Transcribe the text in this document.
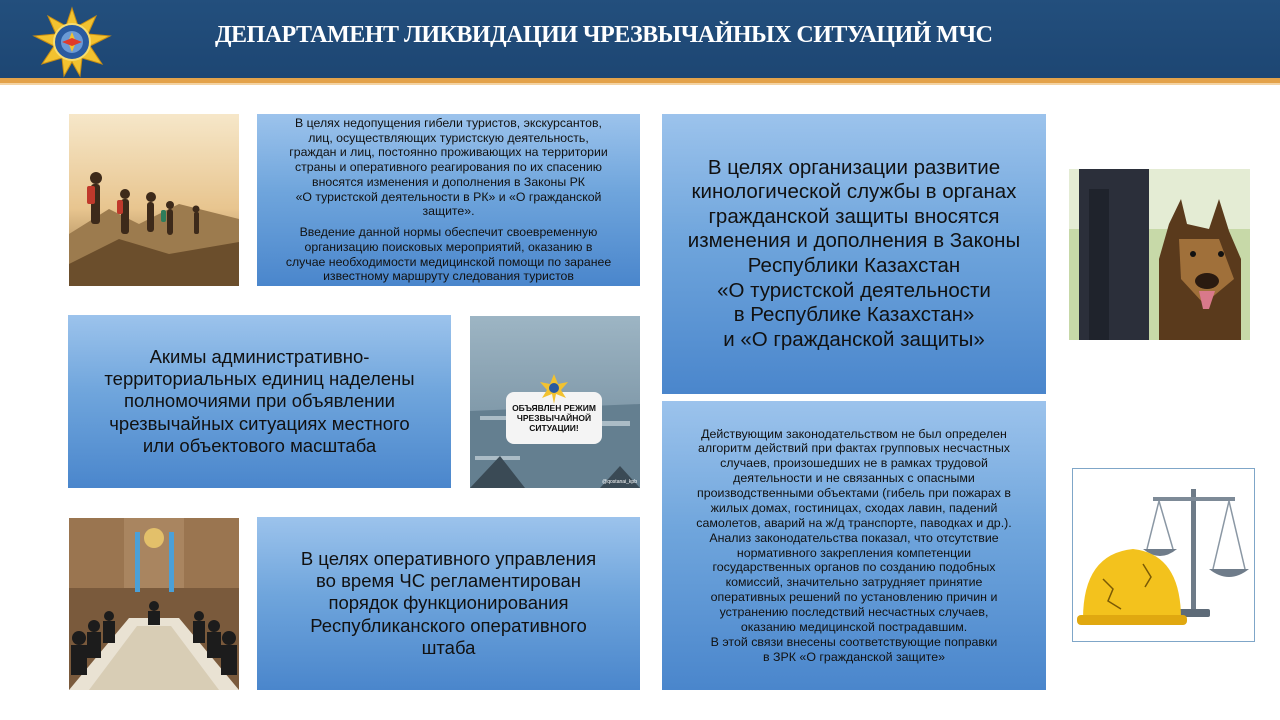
ДЕПАРТАМЕНТ ЛИКВИДАЦИИ ЧРЕЗВЫЧАЙНЫХ СИТУАЦИЙ МЧС

В целях недопущения гибели туристов, экскурсантов,

лиц, осуществляющих туристскую деятельность,

граждан и лиц, постоянно проживающих на территории

страны и оперативного реагирования по их спасению

вносятся изменения и дополнения в Законы РК

«О туристской деятельности в РК» и «О гражданской

защите».

Введение данной нормы обеспечит своевременную

организацию поисковых мероприятий, оказанию в

случае необходимости медицинской помощи по заранее

известному маршруту следования туристов

Акимы административно-

территориальных единиц наделены

полномочиями при объявлении

чрезвычайных ситуациях местного

или объектового масштаба

ОБЪЯВЛЕН РЕЖИМ
ЧРЕЗВЫЧАЙНОЙ
СИТУАЦИИ!
@qostanai_kpb

В целях оперативного управления

во время ЧС регламентирован

порядок функционирования

Республиканского оперативного

штаба

В целях организации развитие

кинологической службы в органах

гражданской защиты вносятся

изменения и дополнения в Законы

Республики Казахстан

«О туристской деятельности

в Республике Казахстан»

и «О гражданской защиты»

Действующим законодательством не был определен

алгоритм действий при фактах групповых несчастных

случаев, произошедших не в рамках трудовой

деятельности и не связанных с опасными

производственными объектами (гибель при пожарах в

жилых домах, гостиницах, сходах лавин, падений

самолетов, аварий на ж/д транспорте, паводках и др.).

Анализ законодательства показал, что отсутствие

нормативного закрепления компетенции

государственных органов по созданию подобных

комиссий, значительно затрудняет принятие

оперативных решений по установлению причин и

устранению последствий несчастных случаев,

оказанию медицинской пострадавшим.

В этой связи внесены соответствующие поправки

в ЗРК «О гражданской защите»
